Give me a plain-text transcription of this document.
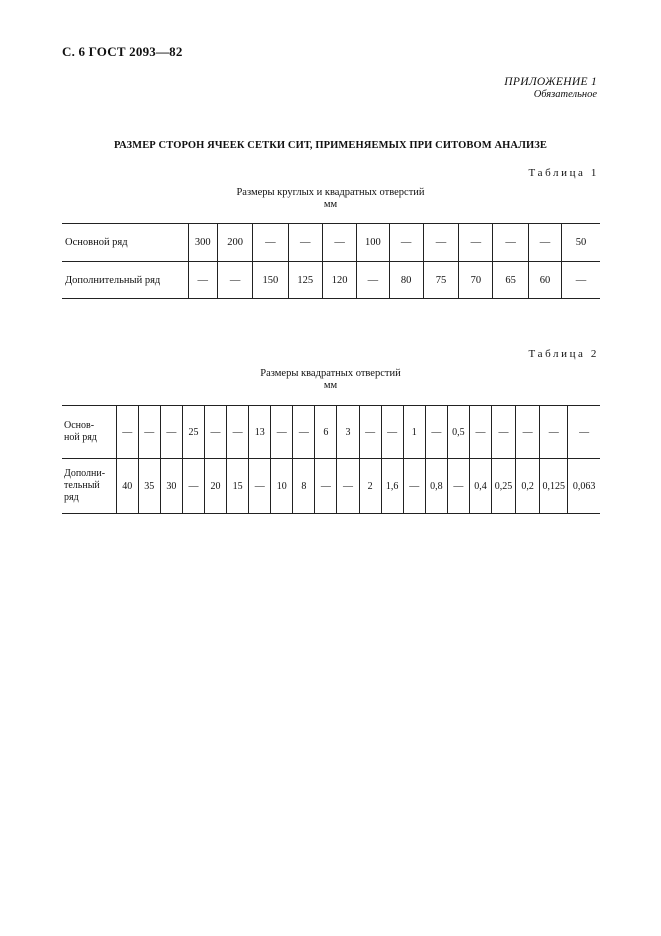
С. 6 ГОСТ 2093—82
ПРИЛОЖЕНИЕ 1
Обязательное
РАЗМЕР СТОРОН ЯЧЕЕК СЕТКИ СИТ, ПРИМЕНЯЕМЫХ ПРИ СИТОВОМ АНАЛИЗЕ
Таблица 1
Размеры круглых и квадратных отверстий
мм
Основной ряд	300	200	—	—	—	100	—	—	—	—	—	50
Дополнительный ряд	—	—	150	125	120	—	80	75	70	65	60	—
Таблица 2
Размеры квадратных отверстий
мм
Основ-
ной ряд	—	—	—	25	—	—	13	—	—	6	3	—	—	1	—	0,5	—	—	—	—	—

Дополни-
тельный
ряд	40	35	30	—	20	15	—	10	8	—	—	2	1,6	—	0,8	—	0,4	0,25	0,2	0,125	0,063
